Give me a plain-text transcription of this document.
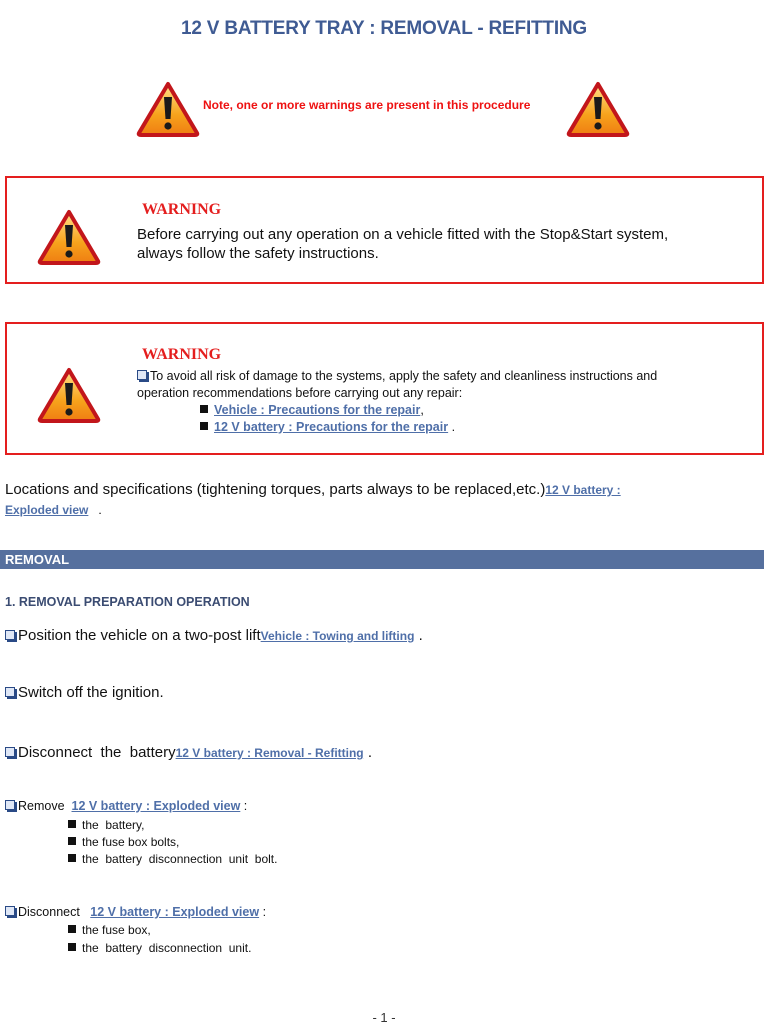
12 V BATTERY TRAY : REMOVAL - REFITTING
Note, one or more warnings are present in this procedure
WARNING
Before carrying out any operation on a vehicle fitted with the Stop&Start system,
always follow the safety instructions.
WARNING
To avoid all risk of damage to the systems, apply the safety and cleanliness instructions and
operation recommendations before carrying out any repair:
Vehicle : Precautions for the repair,
12 V battery : Precautions for the repair .
Locations and specifications (tightening torques, parts always to be replaced,etc.)12 V battery :
Exploded view .
REMOVAL
1. REMOVAL PREPARATION OPERATION
Position the vehicle on a two-post liftVehicle : Towing and lifting .
Switch off the ignition.
Disconnect  the  battery12 V battery : Removal - Refitting .
Remove 12 V battery : Exploded view :
the  battery,
the fuse box bolts,
the  battery  disconnection  unit  bolt.
Disconnect 12 V battery : Exploded view :
the fuse box,
the  battery  disconnection  unit.
- 1 -
